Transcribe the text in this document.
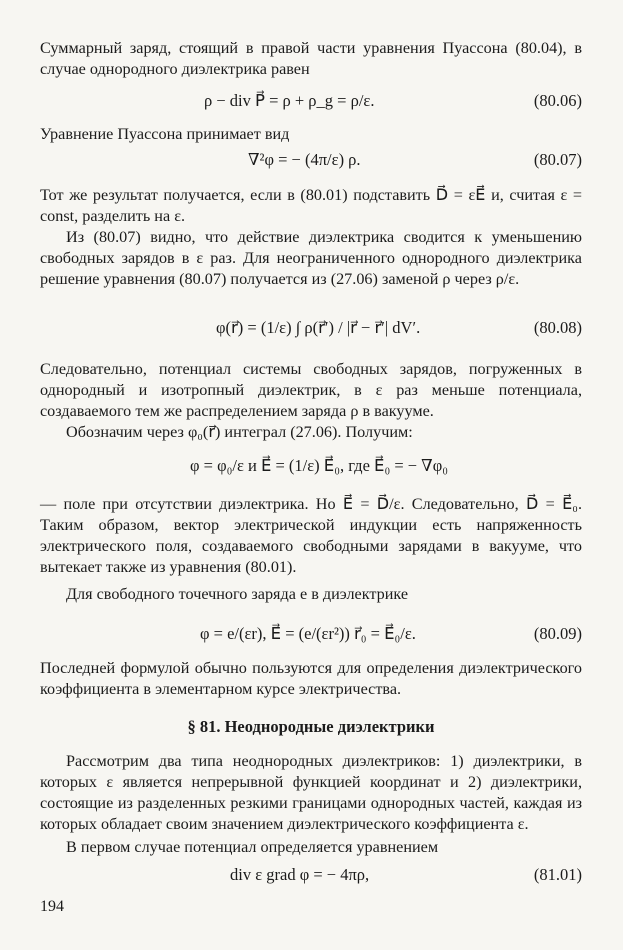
Суммарный заряд, стоящий в правой части уравнения Пуассона (80.04), в случае однородного диэлектрика равен

ρ − div P⃗ = ρ + ρ_g = ρ/ε.	(80.06)

Уравнение Пуассона принимает вид

∇²φ = − (4π/ε) ρ.	(80.07)

Тот же результат получается, если в (80.01) подставить D⃗ = εE⃗ и, считая ε = const, разделить на ε.

Из (80.07) видно, что действие диэлектрика сводится к уменьшению свободных зарядов в ε раз. Для неограниченного однородного диэлектрика решение уравнения (80.07) получается из (27.06) заменой ρ через ρ/ε.

φ(r⃗) = (1/ε) ∫ ρ(r⃗′) / |r⃗ − r⃗′| dV′.	(80.08)

Следовательно, потенциал системы свободных зарядов, погруженных в однородный и изотропный диэлектрик, в ε раз меньше потенциала, создаваемого тем же распределением заряда ρ в вакууме.

Обозначим через φ₀(r⃗) интеграл (27.06). Получим:

φ = φ₀/ε и E⃗ = (1/ε) E⃗₀, где E⃗₀ = − ∇φ₀

— поле при отсутствии диэлектрика. Но E⃗ = D⃗/ε. Следовательно, D⃗ = E⃗₀. Таким образом, вектор электрической индукции есть напряженность электрического поля, создаваемого свободными зарядами в вакууме, что вытекает также из уравнения (80.01).

Для свободного точечного заряда e в диэлектрике

φ = e/(εr), E⃗ = (e/(εr²)) r⃗₀ = E⃗₀/ε.	(80.09)

Последней формулой обычно пользуются для определения диэлектрического коэффициента в элементарном курсе электричества.

§ 81. Неоднородные диэлектрики

Рассмотрим два типа неоднородных диэлектриков: 1) диэлектрики, в которых ε является непрерывной функцией координат и 2) диэлектрики, состоящие из разделенных резкими границами однородных частей, каждая из которых обладает своим значением диэлектрического коэффициента ε.

В первом случае потенциал определяется уравнением

div ε grad φ = − 4πρ,	(81.01)
194
